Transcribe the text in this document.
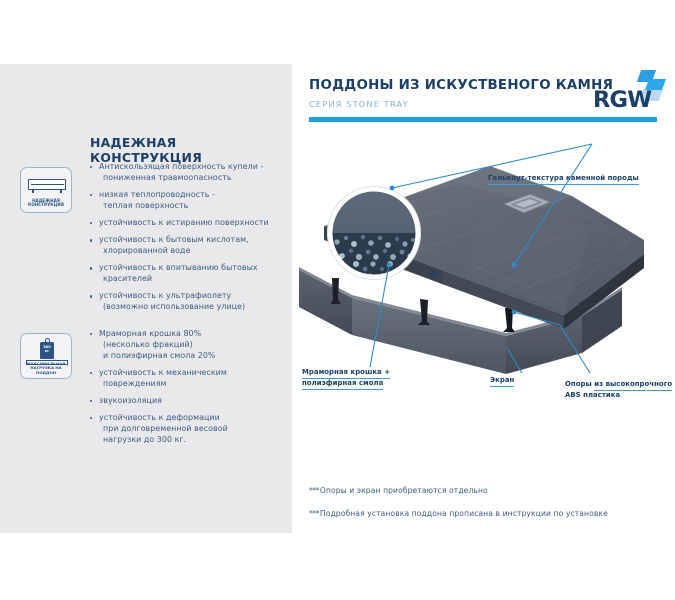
НАДЕЖНАЯ КОНСТРУКЦИЯ
НАДЕЖНАЯ
КОНСТРУКЦИЯ
300
кг
МАКСИМАЛЬНАЯ
НАГРУЗКА НА ПОДДОН
Антискользящая поверхность купели -
пониженная травмоопасность
низкая теплопроводность -
теплая поверхность
устойчивость к истиранию поверхности
устойчивость к бытовым кислотам,
хлорированной воде
устойчивость к впитыванию бытовых
красителей
устойчивость к ультрафиолету
(возможно использование улице)
Мраморная крошка 80%
(несколько фракций)
и полиэфирная смола 20%
устойчивость к механическим
повреждениям
звукоизоляция
устойчивость к деформации
при долговременной весовой
нагрузки до 300 кг.
ПОДДОНЫ ИЗ ИСКУСТВЕНОГО КАМНЯ
СЕРИЯ STONE TRAY	RGW
+
Гелькоут-текстура каменной породы
Мраморная крошка +
полиэфирная смола	Экран	Опоры из высокопрочного
ABS пластика
***Опоры и экран приобретаются отдельно
***Подробная установка поддона прописана в инструкции по установке
